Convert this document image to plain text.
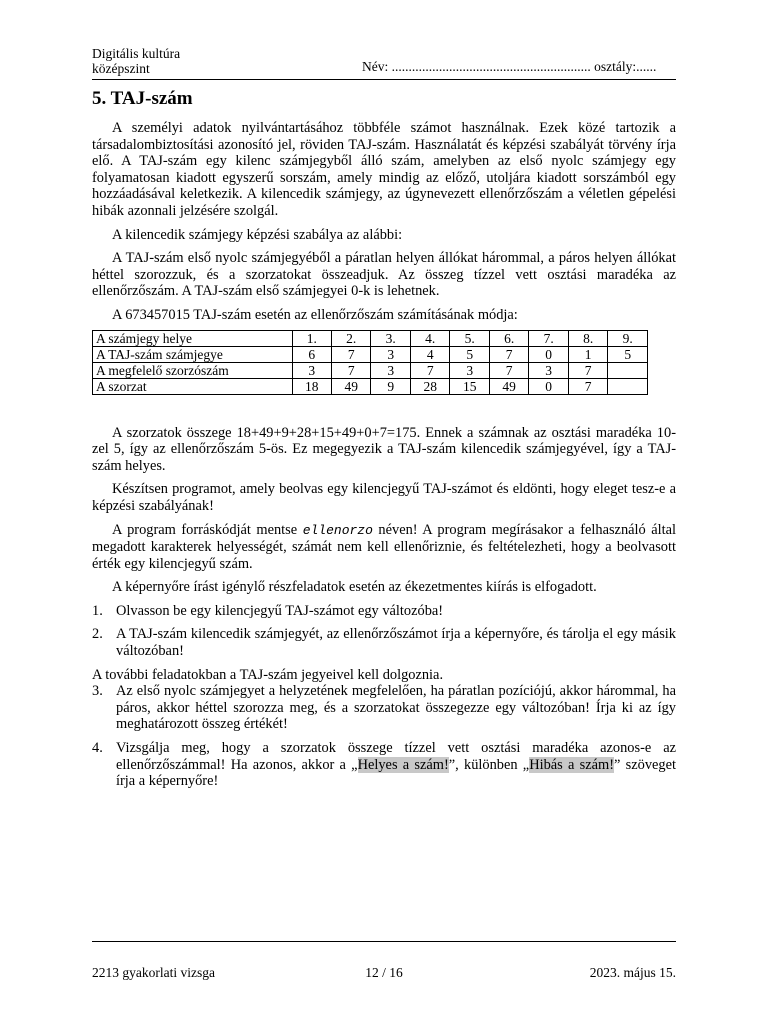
Digitális kultúra
középszint	Név: ........................................................... osztály:......
5. TAJ-szám

A személyi adatok nyilvántartásához többféle számot használnak. Ezek közé tartozik a társadalombiztosítási azonosító jel, röviden TAJ-szám. Használatát és képzési szabályát törvény írja elő. A TAJ-szám egy kilenc számjegyből álló szám, amelyben az első nyolc számjegy egy folyamatosan kiadott egyszerű sorszám, amely mindig az előző, utoljára kiadott sorszámból egy hozzáadásával keletkezik. A kilencedik számjegy, az úgynevezett ellenőrzőszám a véletlen gépelési hibák azonnali jelzésére szolgál.

A kilencedik számjegy képzési szabálya az alábbi:

A TAJ-szám első nyolc számjegyéből a páratlan helyen állókat hárommal, a páros helyen állókat héttel szorozzuk, és a szorzatokat összeadjuk. Az összeg tízzel vett osztási maradéka az ellenőrzőszám. A TAJ-szám első számjegyei 0-k is lehetnek.

A 673457015 TAJ-szám esetén az ellenőrzőszám számításának módja:

A számjegy helye	1.	2.	3.	4.	5.	6.	7.	8.	9.
A TAJ-szám számjegye	6	7	3	4	5	7	0	1	5
A megfelelő szorzószám	3	7	3	7	3	7	3	7	
A szorzat	18	49	9	28	15	49	0	7	

A szorzatok összege 18+49+9+28+15+49+0+7=175. Ennek a számnak az osztási maradéka 10-zel 5, így az ellenőrzőszám 5-ös. Ez megegyezik a TAJ-szám kilencedik számjegyével, így a TAJ-szám helyes.

Készítsen programot, amely beolvas egy kilencjegyű TAJ-számot és eldönti, hogy eleget tesz-e a képzési szabályának!

A program forráskódját mentse ellenorzo néven! A program megírásakor a felhasználó által megadott karakterek helyességét, számát nem kell ellenőriznie, és feltételezheti, hogy a beolvasott érték egy kilencjegyű szám.

A képernyőre írást igénylő részfeladatok esetén az ékezetmentes kiírás is elfogadott.

1. Olvasson be egy kilencjegyű TAJ-számot egy változóba!
2. A TAJ-szám kilencedik számjegyét, az ellenőrzőszámot írja a képernyőre, és tárolja el egy másik változóban!

A további feladatokban a TAJ-szám jegyeivel kell dolgoznia.

3. Az első nyolc számjegyet a helyzetének megfelelően, ha páratlan pozíciójú, akkor hárommal, ha páros, akkor héttel szorozza meg, és a szorzatokat összegezze egy változóban! Írja ki az így meghatározott összeg értékét!
4. Vizsgálja meg, hogy a szorzatok összege tízzel vett osztási maradéka azonos-e az ellenőrzőszámmal! Ha azonos, akkor a „Helyes a szám!”, különben „Hibás a szám!” szöveget írja a képernyőre!
2213 gyakorlati vizsga	12 / 16	2023. május 15.
